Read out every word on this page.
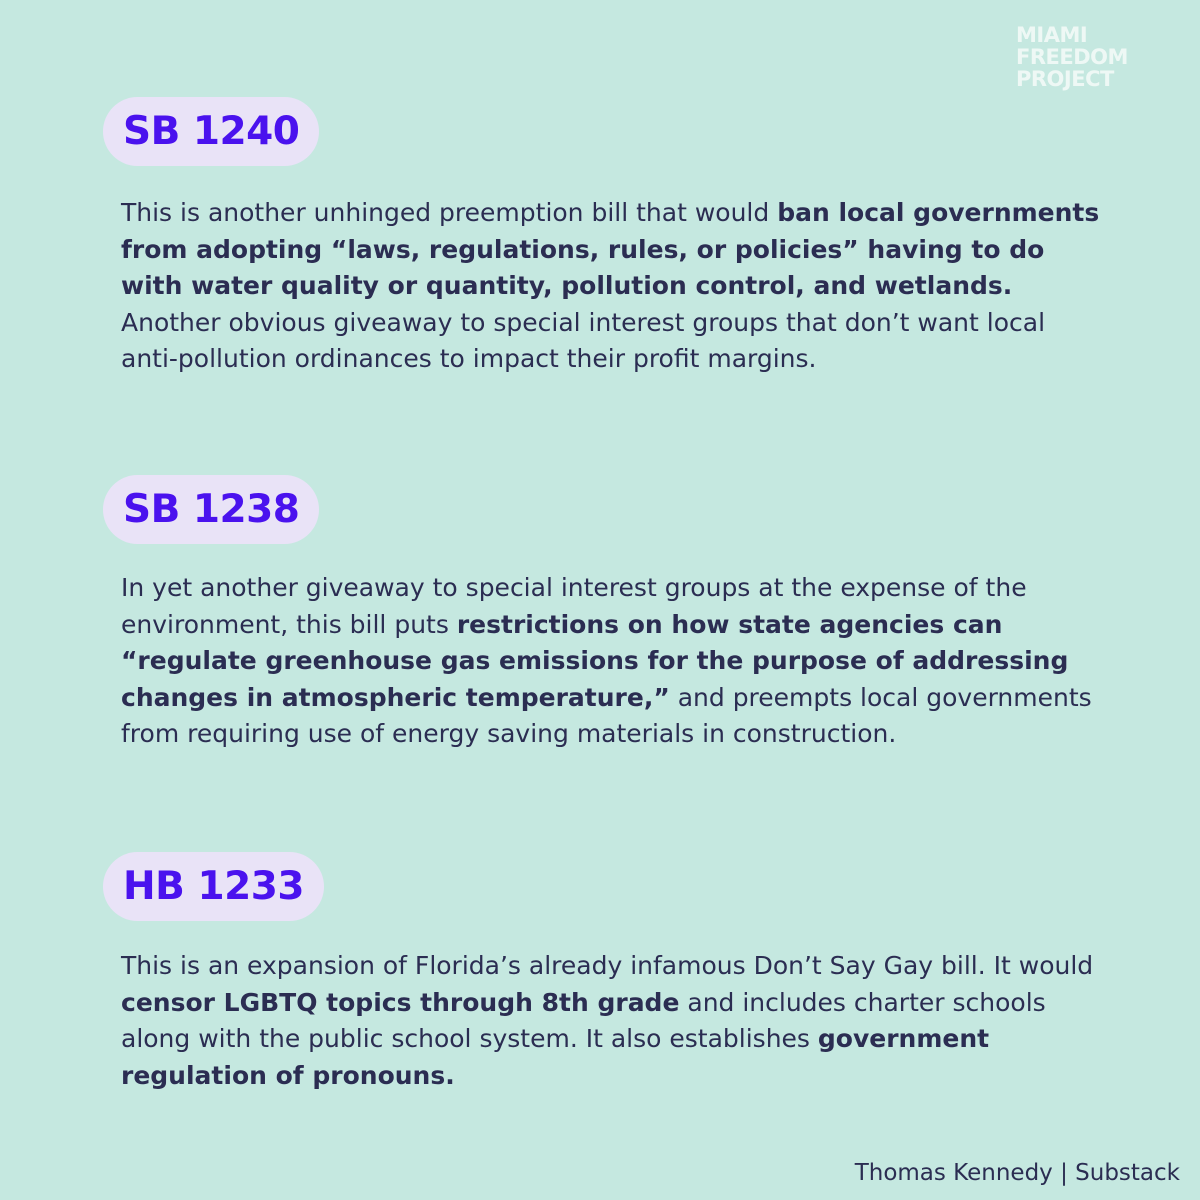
MIAMI
FREEDOM
PROJECT
SB 1240

This is another unhinged preemption bill that would ban local governments from adopting “laws, regulations, rules, or policies” having to do with water quality or quantity, pollution control, and wetlands. Another obvious giveaway to special interest groups that don’t want local anti-pollution ordinances to impact their profit margins.

SB 1238

In yet another giveaway to special interest groups at the expense of the environment, this bill puts restrictions on how state agencies can “regulate greenhouse gas emissions for the purpose of addressing changes in atmospheric temperature,” and preempts local governments from requiring use of energy saving materials in construction.

HB 1233

This is an expansion of Florida’s already infamous Don’t Say Gay bill. It would censor LGBTQ topics through 8th grade and includes charter schools along with the public school system. It also establishes government regulation of pronouns.

Thomas Kennedy | Substack
